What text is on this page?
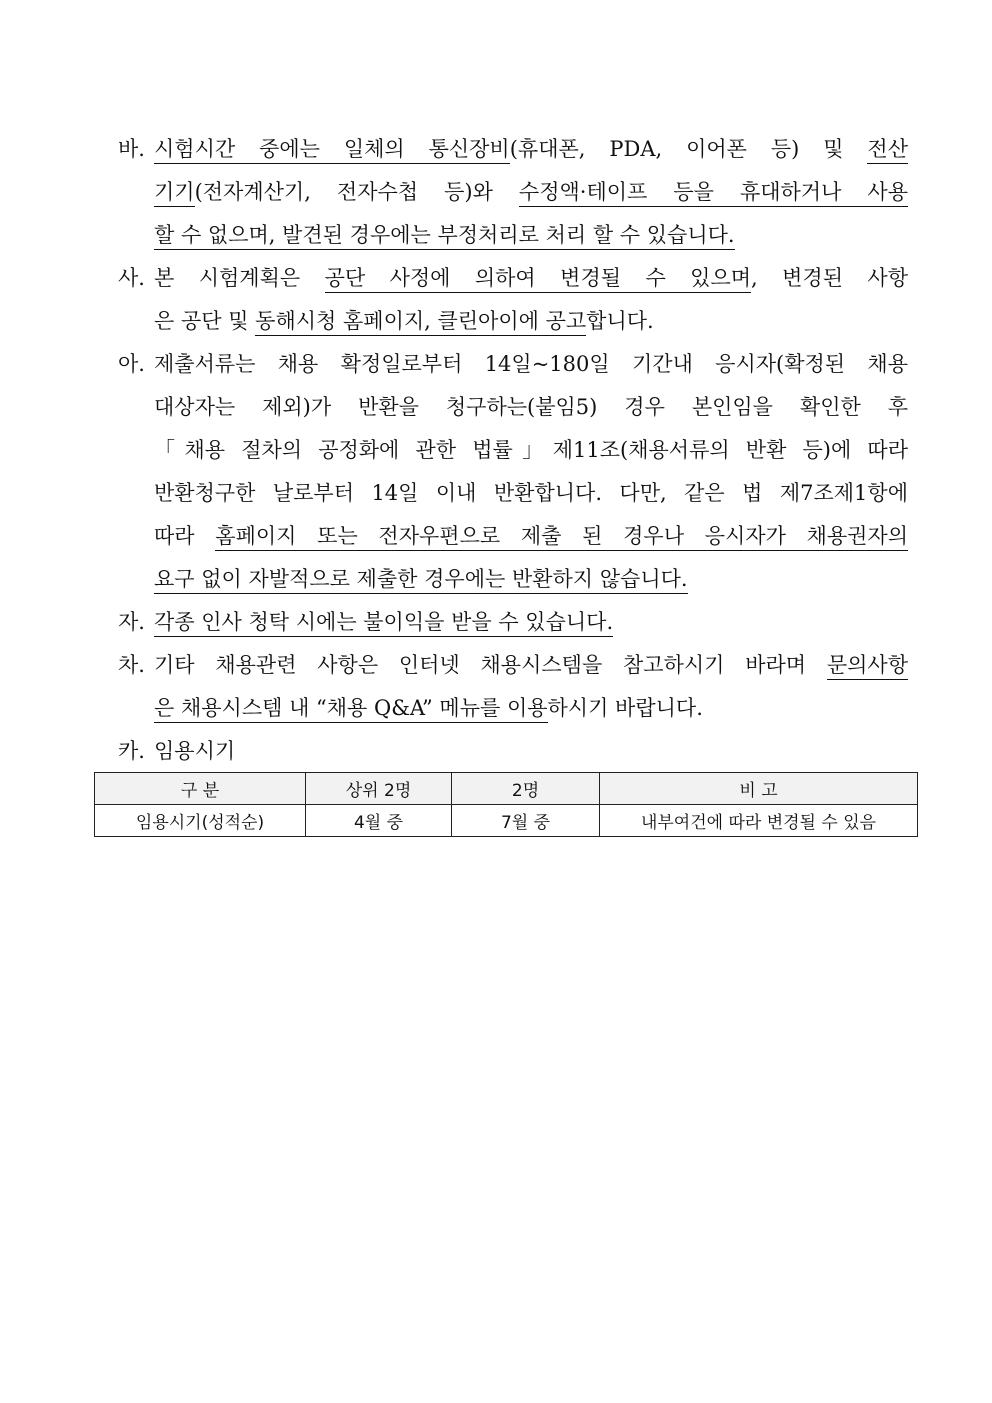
바. 시험시간 중에는 일체의 통신장비(휴대폰, PDA, 이어폰 등) 및 전산
기기(전자계산기, 전자수첩 등)와 수정액·테이프 등을 휴대하거나 사용
할 수 없으며, 발견된 경우에는 부정처리로 처리 할 수 있습니다.
사. 본 시험계획은 공단 사정에 의하여 변경될 수 있으며, 변경된 사항
은 공단 및 동해시청 홈페이지, 클린아이에 공고합니다.
아. 제출서류는 채용 확정일로부터 14일~180일 기간내 응시자(확정된 채용
대상자는 제외)가 반환을 청구하는(붙임5) 경우 본인임을 확인한 후
「채용 절차의 공정화에 관한 법률」제11조(채용서류의 반환 등)에 따라
반환청구한 날로부터 14일 이내 반환합니다. 다만, 같은 법 제7조제1항에
따라 홈페이지 또는 전자우편으로 제출 된 경우나 응시자가 채용권자의
요구 없이 자발적으로 제출한 경우에는 반환하지 않습니다.
자. 각종 인사 청탁 시에는 불이익을 받을 수 있습니다.
차. 기타 채용관련 사항은 인터넷 채용시스템을 참고하시기 바라며 문의사항
은 채용시스템 내 “채용 Q&A” 메뉴를 이용하시기 바랍니다.
카. 임용시기
구 분	상위 2명	2명	비 고
임용시기(성적순)	4월 중	7월 중	내부여건에 따라 변경될 수 있음
